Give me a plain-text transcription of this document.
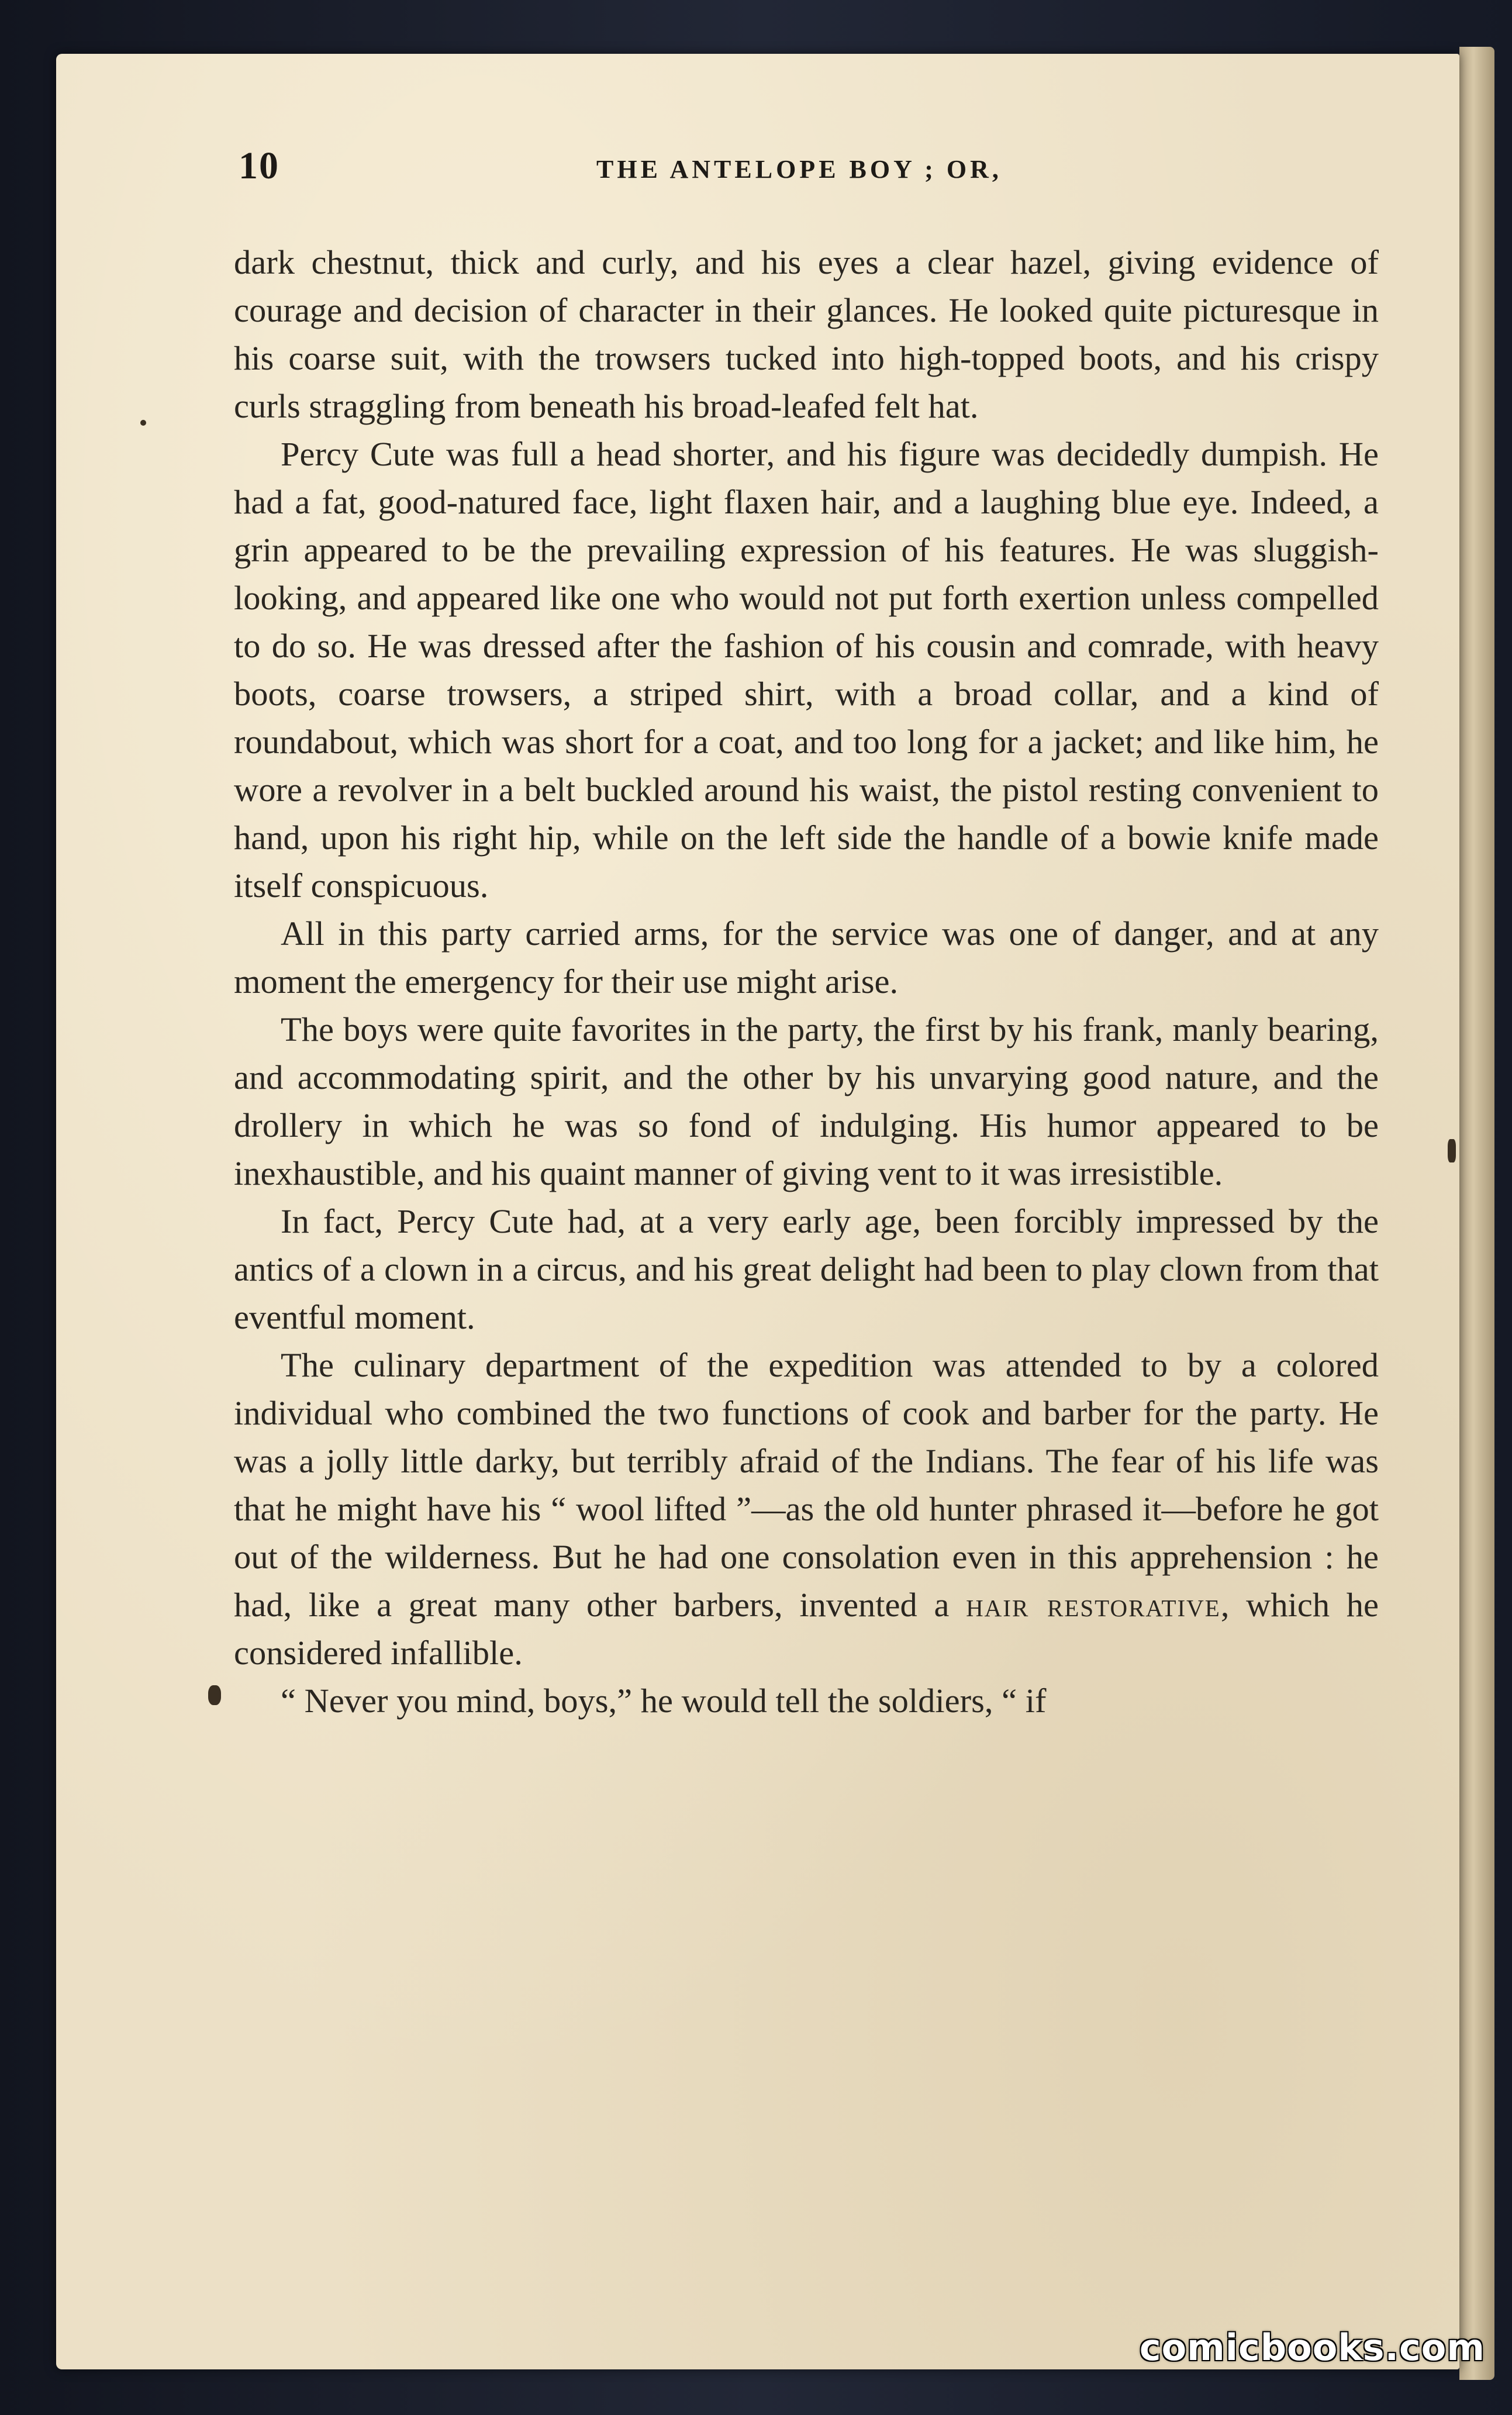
10	THE ANTELOPE BOY ; OR,

dark chestnut, thick and curly, and his eyes a clear hazel, giving evidence of courage and decision of character in their glances. He looked quite picturesque in his coarse suit, with the trowsers tucked into high-topped boots, and his crispy curls straggling from beneath his broad-leafed felt hat.

Percy Cute was full a head shorter, and his figure was decidedly dumpish. He had a fat, good-natured face, light flaxen hair, and a laughing blue eye. Indeed, a grin appeared to be the prevailing expression of his features. He was sluggish-looking, and appeared like one who would not put forth exertion unless compelled to do so. He was dressed after the fashion of his cousin and comrade, with heavy boots, coarse trowsers, a striped shirt, with a broad collar, and a kind of roundabout, which was short for a coat, and too long for a jacket; and like him, he wore a revolver in a belt buckled around his waist, the pistol resting convenient to hand, upon his right hip, while on the left side the handle of a bowie knife made itself conspicuous.

All in this party carried arms, for the service was one of danger, and at any moment the emergency for their use might arise.

The boys were quite favorites in the party, the first by his frank, manly bearing, and accommodating spirit, and the other by his unvarying good nature, and the drollery in which he was so fond of indulging. His humor appeared to be inexhaustible, and his quaint manner of giving vent to it was irresistible.

In fact, Percy Cute had, at a very early age, been forcibly impressed by the antics of a clown in a circus, and his great delight had been to play clown from that eventful moment.

The culinary department of the expedition was attended to by a colored individual who combined the two functions of cook and barber for the party. He was a jolly little darky, but terribly afraid of the Indians. The fear of his life was that he might have his “ wool lifted ”—as the old hunter phrased it—before he got out of the wilderness. But he had one consolation even in this apprehension : he had, like a great many other barbers, invented a hair restorative, which he considered infallible.

“ Never you mind, boys,” he would tell the soldiers, “ if

comicbooks.com
